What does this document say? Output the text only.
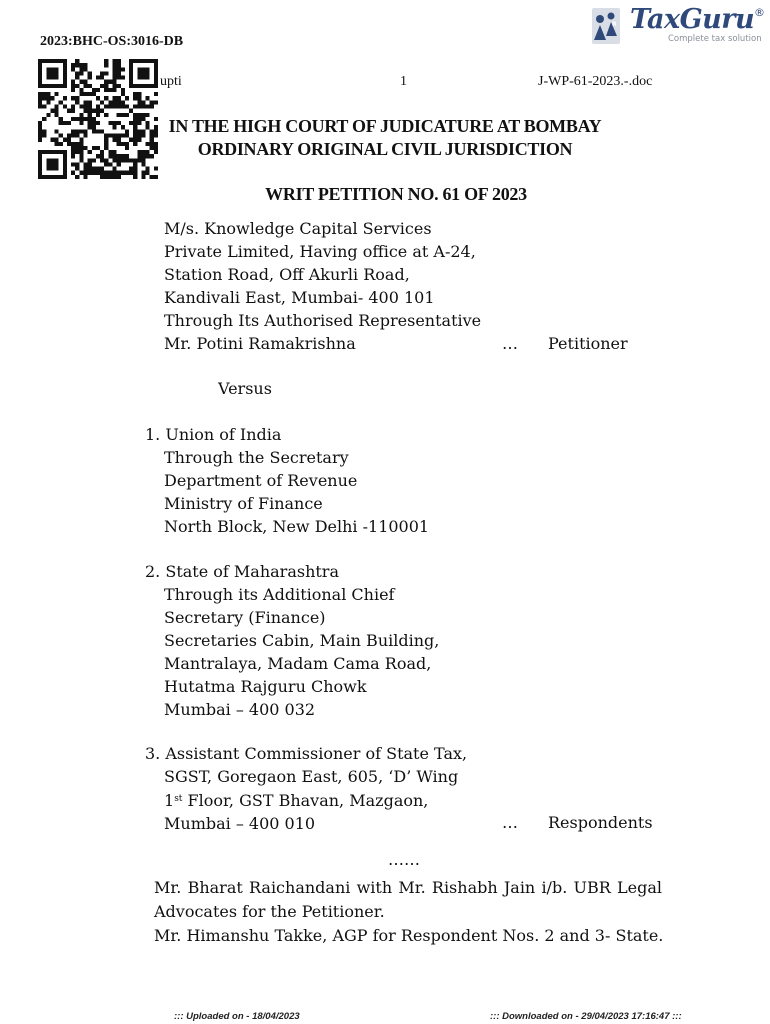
2023:BHC-OS:3016-DB
upti	1	J-WP-61-2023.-.doc
R TaxGuru ®
Complete tax solution
IN THE HIGH COURT OF JUDICATURE AT BOMBAY
ORDINARY ORIGINAL CIVIL JURISDICTION
WRIT PETITION NO. 61 OF 2023
M/s. Knowledge Capital Services
Private Limited, Having office at A-24,
Station Road, Off Akurli Road,
Kandivali East, Mumbai- 400 101
Through Its Authorised Representative
Mr. Potini Ramakrishna	… Petitioner
Versus
1. Union of India
Through the Secretary
Department of Revenue
Ministry of Finance
North Block, New Delhi -110001
2. State of Maharashtra
Through its Additional Chief
Secretary (Finance)
Secretaries Cabin, Main Building,
Mantralaya, Madam Cama Road,
Hutatma Rajguru Chowk
Mumbai – 400 032
3. Assistant Commissioner of State Tax,
SGST, Goregaon East, 605, ‘D’ Wing
1st Floor, GST Bhavan, Mazgaon,
Mumbai – 400 010	… Respondents
……
Mr. Bharat Raichandani with Mr. Rishabh Jain i/b. UBR Legal
Advocates for the Petitioner.
Mr. Himanshu Takke, AGP for Respondent Nos. 2 and 3- State.
::: Uploaded on - 18/04/2023	::: Downloaded on - 29/04/2023 17:16:47 :::
